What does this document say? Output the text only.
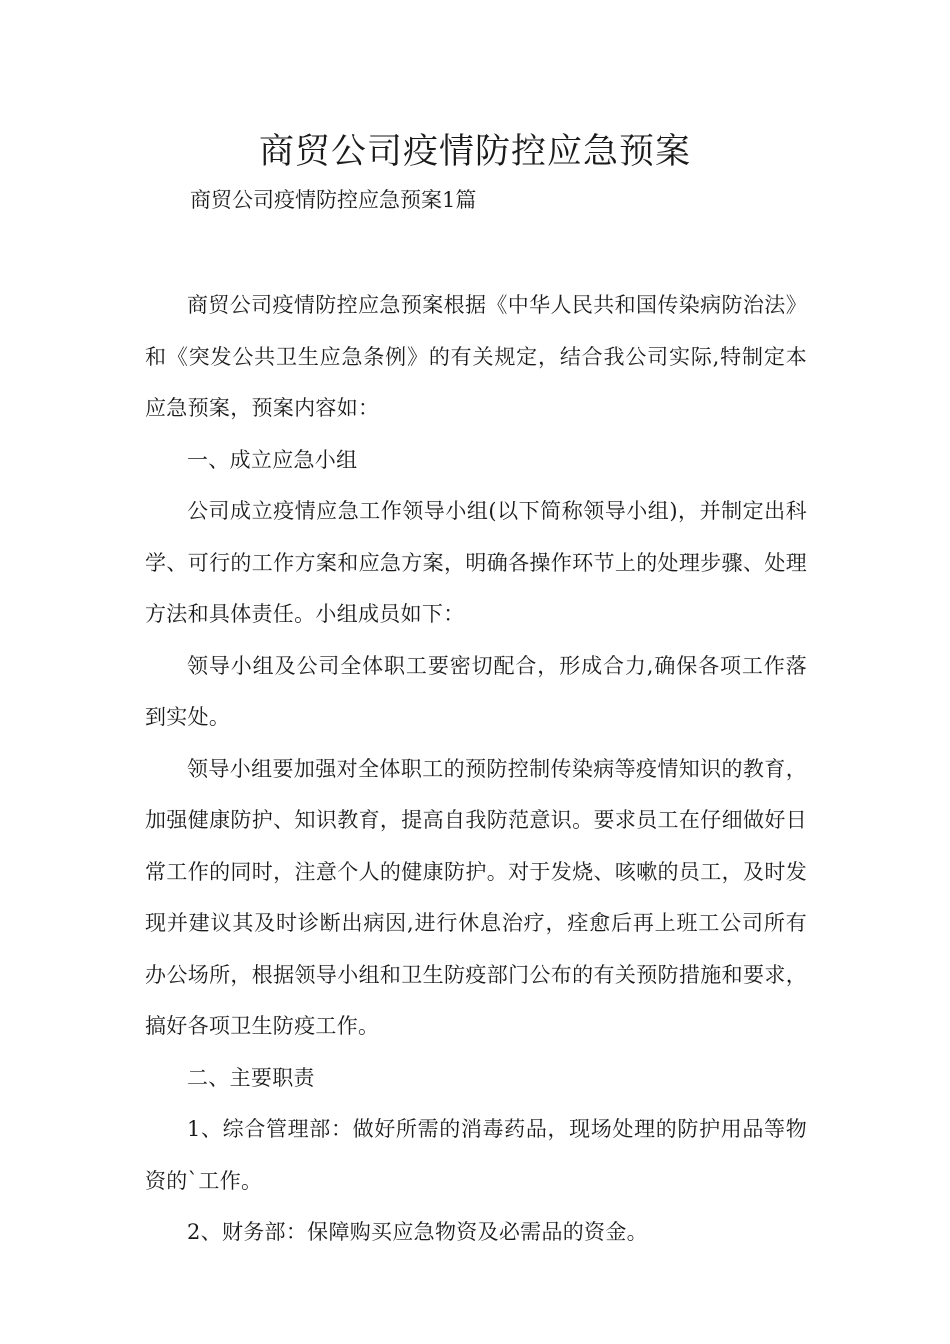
商贸公司疫情防控应急预案

商贸公司疫情防控应急预案1篇

商贸公司疫情防控应急预案根据《中华人民共和国传染病防治法》和《突发公共卫生应急条例》的有关规定，结合我公司实际,特制定本应急预案，预案内容如：

一、成立应急小组

公司成立疫情应急工作领导小组(以下简称领导小组)，并制定出科学、可行的工作方案和应急方案，明确各操作环节上的处理步骤、处理方法和具体责任。小组成员如下：

领导小组及公司全体职工要密切配合，形成合力,确保各项工作落到实处。

领导小组要加强对全体职工的预防控制传染病等疫情知识的教育，加强健康防护、知识教育，提高自我防范意识。要求员工在仔细做好日常工作的同时，注意个人的健康防护。对于发烧、咳嗽的员工，及时发现并建议其及时诊断出病因,进行休息治疗，痊愈后再上班工公司所有办公场所，根据领导小组和卫生防疫部门公布的有关预防措施和要求，搞好各项卫生防疫工作。

二、主要职责

1、综合管理部：做好所需的消毒药品，现场处理的防护用品等物资的`工作。

2、财务部：保障购买应急物资及必需品的资金。
